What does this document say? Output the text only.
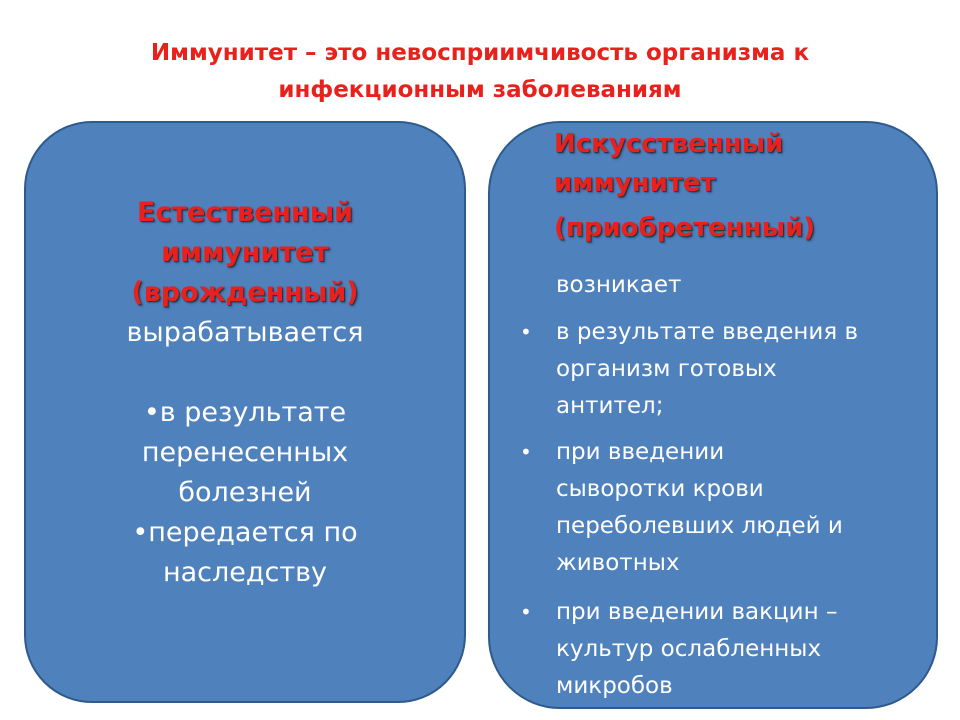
Иммунитет – это невосприимчивость организма к
инфекционным заболеваниям
Естественный
иммунитет
(врожденный)
вырабатывается
•в результате
перенесенных
болезней
•передается по
наследству
Искусственный
иммунитет
(приобретенный)
возникает
• в результате введения в
организм готовых
антител;
• при введении
сыворотки крови
переболевших людей и
животных
• при введении вакцин –
культур ослабленных
микробов
